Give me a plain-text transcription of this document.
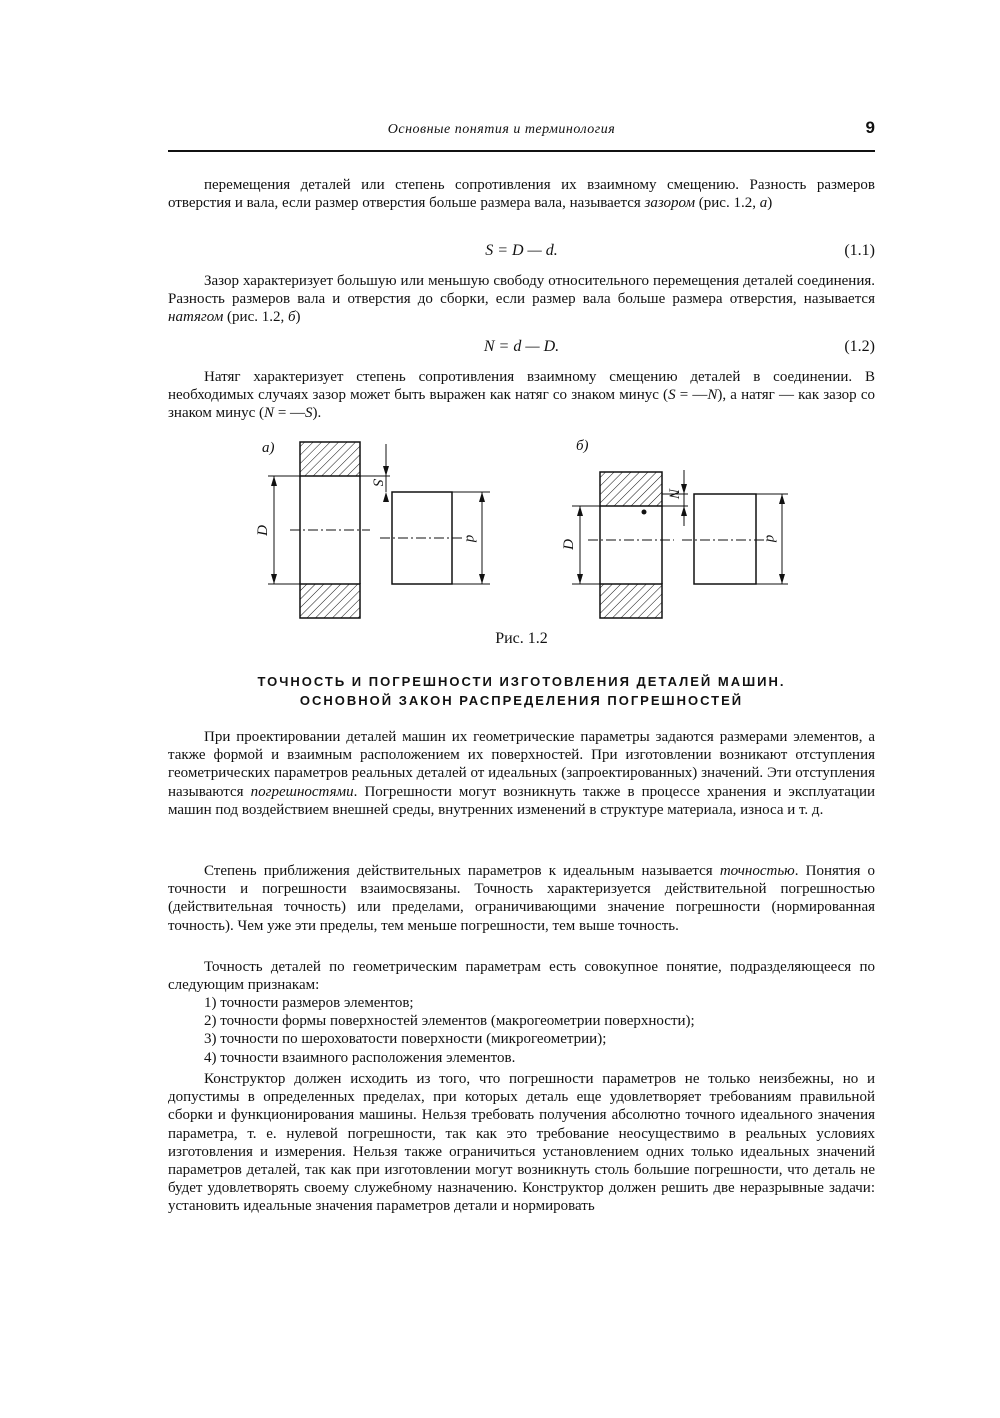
Основные понятия и терминология	9
перемещения деталей или степень сопротивления их взаимному смещению. Разность размеров отверстия и вала, если размер отверстия больше размера вала, называется зазором (рис. 1.2, а)
S = D — d.	(1.1)
Зазор характеризует большую или меньшую свободу относительного перемещения деталей соединения. Разность размеров вала и отверстия до сборки, если размер вала больше размера отверстия, называется натягом (рис. 1.2, б)
N = d — D.	(1.2)
Натяг характеризует степень сопротивления взаимному смещению деталей в соединении. В необходимых случаях зазор может быть выражен как натяг со знаком минус (S = —N), а натяг — как зазор со знаком минус (N = —S).
а)	б)
S
N
D
D
d	d
Рис. 1.2
ТОЧНОСТЬ И ПОГРЕШНОСТИ ИЗГОТОВЛЕНИЯ ДЕТАЛЕЙ МАШИН.
ОСНОВНОЙ ЗАКОН РАСПРЕДЕЛЕНИЯ ПОГРЕШНОСТЕЙ
При проектировании деталей машин их геометрические параметры задаются размерами элементов, а также формой и взаимным расположением их поверхностей. При изготовлении возникают отступления геометрических параметров реальных деталей от идеальных (запроектированных) значений. Эти отступления называются погрешностями. Погрешности могут возникнуть также в процессе хранения и эксплуатации машин под воздействием внешней среды, внутренних изменений в структуре материала, износа и т. д.
Степень приближения действительных параметров к идеальным называется точностью. Понятия о точности и погрешности взаимосвязаны. Точность характеризуется действительной погрешностью (действительная точность) или пределами, ограничивающими значение погрешности (нормированная точность). Чем уже эти пределы, тем меньше погрешности, тем выше точность.
Точность деталей по геометрическим параметрам есть совокупное понятие, подразделяющееся по следующим признакам:
1) точности размеров элементов;
2) точности формы поверхностей элементов (макрогеометрии поверхности);
3) точности по шероховатости поверхности (микрогеометрии);
4) точности взаимного расположения элементов.
Конструктор должен исходить из того, что погрешности параметров не только неизбежны, но и допустимы в определенных пределах, при которых деталь еще удовлетворяет требованиям правильной сборки и функционирования машины. Нельзя требовать получения абсолютно точного идеального значения параметра, т. е. нулевой погрешности, так как это требование неосуществимо в реальных условиях изготовления и измерения. Нельзя также ограничиться установлением одних только идеальных значений параметров деталей, так как при изготовлении могут возникнуть столь большие погрешности, что деталь не будет удовлетворять своему служебному назначению. Конструктор должен решить две неразрывные задачи: установить идеальные значения параметров детали и нормировать
